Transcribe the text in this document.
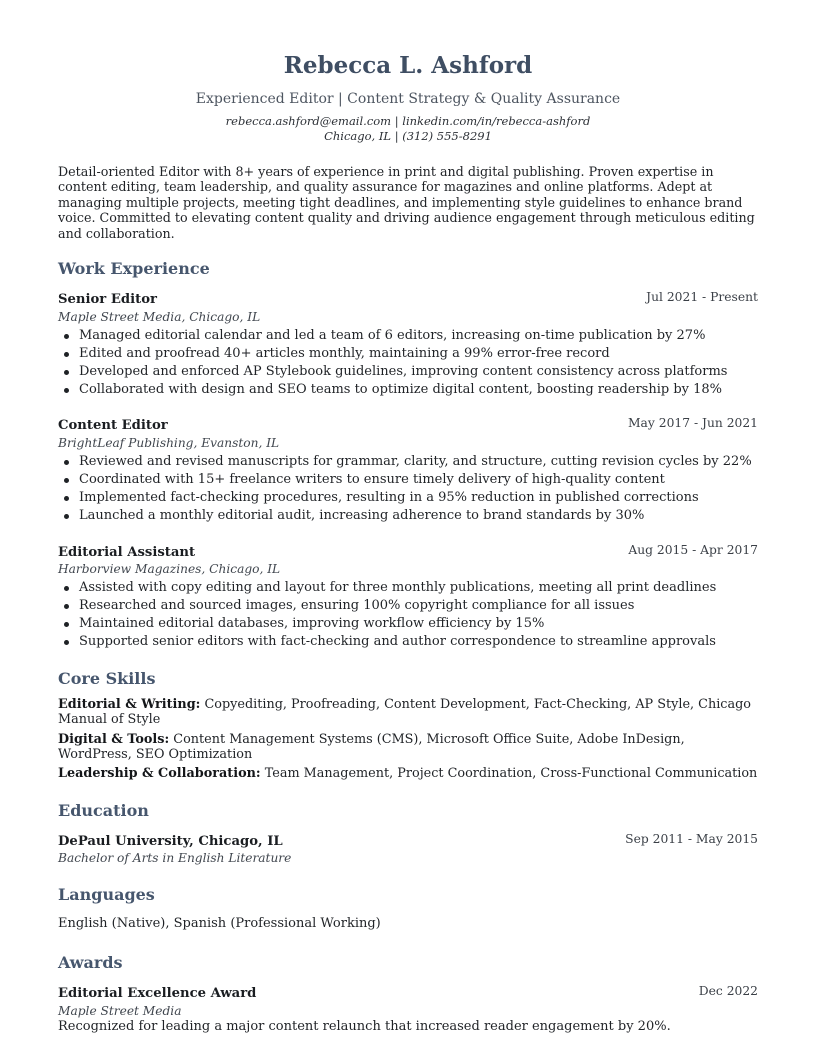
Rebecca L. Ashford
Experienced Editor | Content Strategy & Quality Assurance
rebecca.ashford@email.com | linkedin.com/in/rebecca-ashford
Chicago, IL | (312) 555-8291
Detail-oriented Editor with 8+ years of experience in print and digital publishing. Proven expertise in content editing, team leadership, and quality assurance for magazines and online platforms. Adept at managing multiple projects, meeting tight deadlines, and implementing style guidelines to enhance brand voice. Committed to elevating content quality and driving audience engagement through meticulous editing and collaboration.
Work Experience
Senior Editor	Jul 2021 - Present
Maple Street Media, Chicago, IL
Managed editorial calendar and led a team of 6 editors, increasing on-time publication by 27%
Edited and proofread 40+ articles monthly, maintaining a 99% error-free record
Developed and enforced AP Stylebook guidelines, improving content consistency across platforms
Collaborated with design and SEO teams to optimize digital content, boosting readership by 18%
Content Editor	May 2017 - Jun 2021
BrightLeaf Publishing, Evanston, IL
Reviewed and revised manuscripts for grammar, clarity, and structure, cutting revision cycles by 22%
Coordinated with 15+ freelance writers to ensure timely delivery of high-quality content
Implemented fact-checking procedures, resulting in a 95% reduction in published corrections
Launched a monthly editorial audit, increasing adherence to brand standards by 30%
Editorial Assistant	Aug 2015 - Apr 2017
Harborview Magazines, Chicago, IL
Assisted with copy editing and layout for three monthly publications, meeting all print deadlines
Researched and sourced images, ensuring 100% copyright compliance for all issues
Maintained editorial databases, improving workflow efficiency by 15%
Supported senior editors with fact-checking and author correspondence to streamline approvals
Core Skills
Editorial & Writing: Copyediting, Proofreading, Content Development, Fact-Checking, AP Style, Chicago Manual of Style
Digital & Tools: Content Management Systems (CMS), Microsoft Office Suite, Adobe InDesign, WordPress, SEO Optimization
Leadership & Collaboration: Team Management, Project Coordination, Cross-Functional Communication
Education
DePaul University, Chicago, IL	Sep 2011 - May 2015
Bachelor of Arts in English Literature
Languages
English (Native), Spanish (Professional Working)
Awards
Editorial Excellence Award	Dec 2022
Maple Street Media
Recognized for leading a major content relaunch that increased reader engagement by 20%.
